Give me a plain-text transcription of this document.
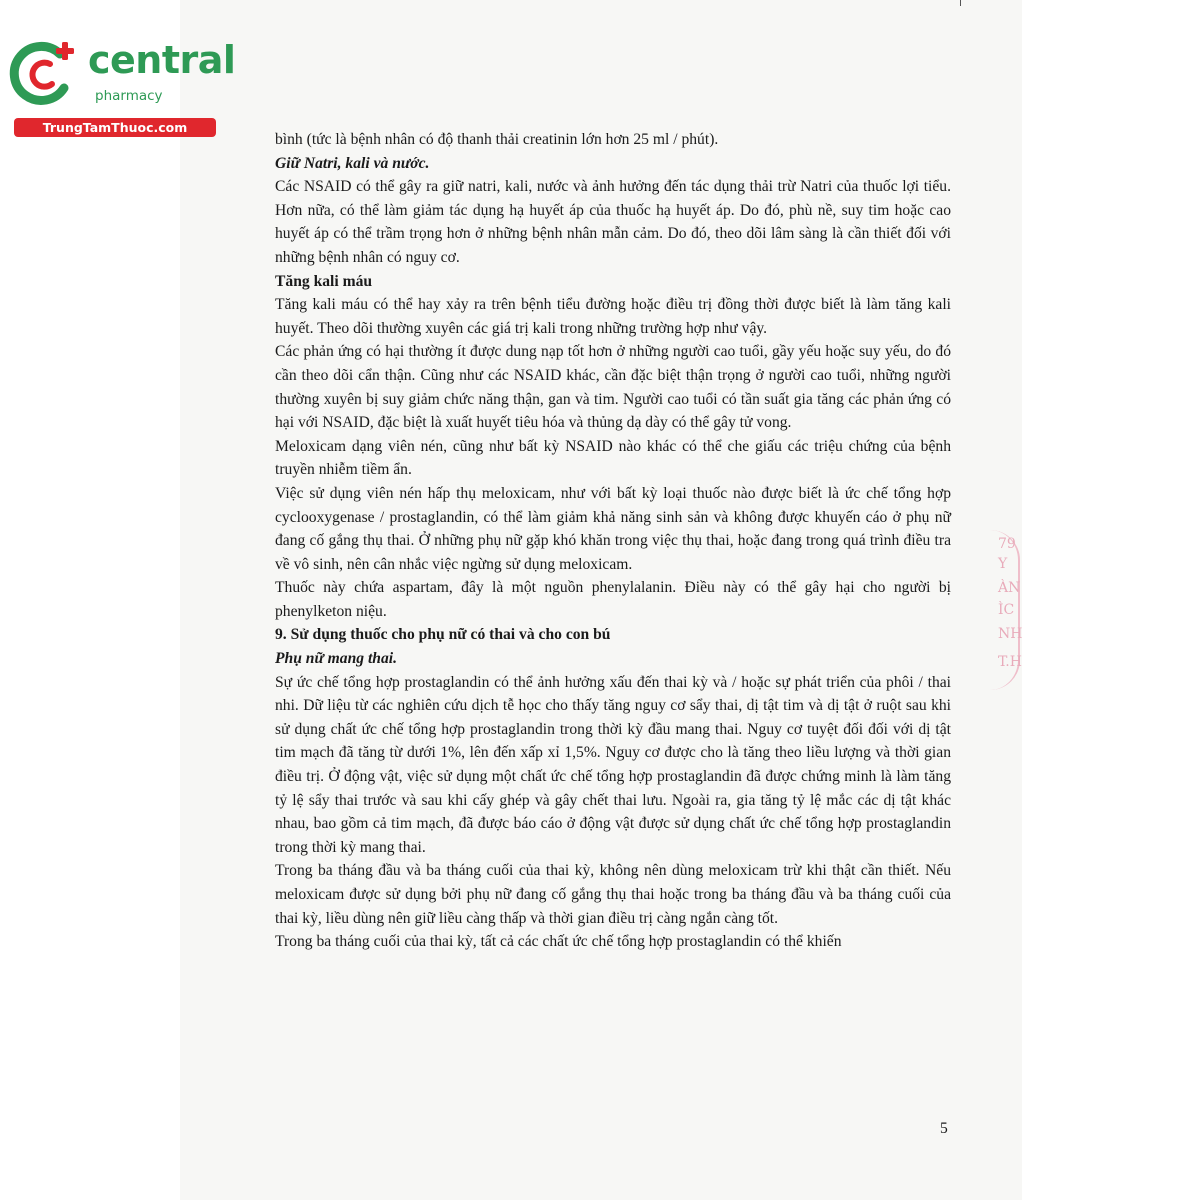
central
pharmacy
TrungTamThuoc.com
79
Y
ÀN
ÌC
NH
T.H

bình (tức là bệnh nhân có độ thanh thải creatinin lớn hơn 25 ml / phút).

Giữ Natri, kali và nước.

Các NSAID có thể gây ra giữ natri, kali, nước và ảnh hưởng đến tác dụng thải trừ Natri của thuốc lợi tiểu. Hơn nữa, có thể làm giảm tác dụng hạ huyết áp của thuốc hạ huyết áp. Do đó, phù nề, suy tim hoặc cao huyết áp có thể trầm trọng hơn ở những bệnh nhân mẫn cảm. Do đó, theo dõi lâm sàng là cần thiết đối với những bệnh nhân có nguy cơ.

Tăng kali máu

Tăng kali máu có thể hay xảy ra trên bệnh tiểu đường hoặc điều trị đồng thời được biết là làm tăng kali huyết. Theo dõi thường xuyên các giá trị kali trong những trường hợp như vậy.

Các phản ứng có hại thường ít được dung nạp tốt hơn ở những người cao tuổi, gầy yếu hoặc suy yếu, do đó cần theo dõi cẩn thận. Cũng như các NSAID khác, cần đặc biệt thận trọng ở người cao tuổi, những người thường xuyên bị suy giảm chức năng thận, gan và tim. Người cao tuổi có tần suất gia tăng các phản ứng có hại với NSAID, đặc biệt là xuất huyết tiêu hóa và thủng dạ dày có thể gây tử vong.

Meloxicam dạng viên nén, cũng như bất kỳ NSAID nào khác có thể che giấu các triệu chứng của bệnh truyền nhiễm tiềm ẩn.

Việc sử dụng viên nén hấp thụ meloxicam, như với bất kỳ loại thuốc nào được biết là ức chế tổng hợp cyclooxygenase / prostaglandin, có thể làm giảm khả năng sinh sản và không được khuyến cáo ở phụ nữ đang cố gắng thụ thai. Ở những phụ nữ gặp khó khăn trong việc thụ thai, hoặc đang trong quá trình điều tra về vô sinh, nên cân nhắc việc ngừng sử dụng meloxicam.

Thuốc này chứa aspartam, đây là một nguồn phenylalanin. Điều này có thể gây hại cho người bị phenylketon niệu.

9. Sử dụng thuốc cho phụ nữ có thai và cho con bú

Phụ nữ mang thai.

Sự ức chế tổng hợp prostaglandin có thể ảnh hưởng xấu đến thai kỳ và / hoặc sự phát triển của phôi / thai nhi. Dữ liệu từ các nghiên cứu dịch tễ học cho thấy tăng nguy cơ sẩy thai, dị tật tim và dị tật ở ruột sau khi sử dụng chất ức chế tổng hợp prostaglandin trong thời kỳ đầu mang thai. Nguy cơ tuyệt đối đối với dị tật tim mạch đã tăng từ dưới 1%, lên đến xấp xỉ 1,5%. Nguy cơ được cho là tăng theo liều lượng và thời gian điều trị. Ở động vật, việc sử dụng một chất ức chế tổng hợp prostaglandin đã được chứng minh là làm tăng tỷ lệ sẩy thai trước và sau khi cấy ghép và gây chết thai lưu. Ngoài ra, gia tăng tỷ lệ mắc các dị tật khác nhau, bao gồm cả tim mạch, đã được báo cáo ở động vật được sử dụng chất ức chế tổng hợp prostaglandin trong thời kỳ mang thai.

Trong ba tháng đầu và ba tháng cuối của thai kỳ, không nên dùng meloxicam trừ khi thật cần thiết. Nếu meloxicam được sử dụng bởi phụ nữ đang cố gắng thụ thai hoặc trong ba tháng đầu và ba tháng cuối của thai kỳ, liều dùng nên giữ liều càng thấp và thời gian điều trị càng ngắn càng tốt.

Trong ba tháng cuối của thai kỳ, tất cả các chất ức chế tổng hợp prostaglandin có thể khiến

5
